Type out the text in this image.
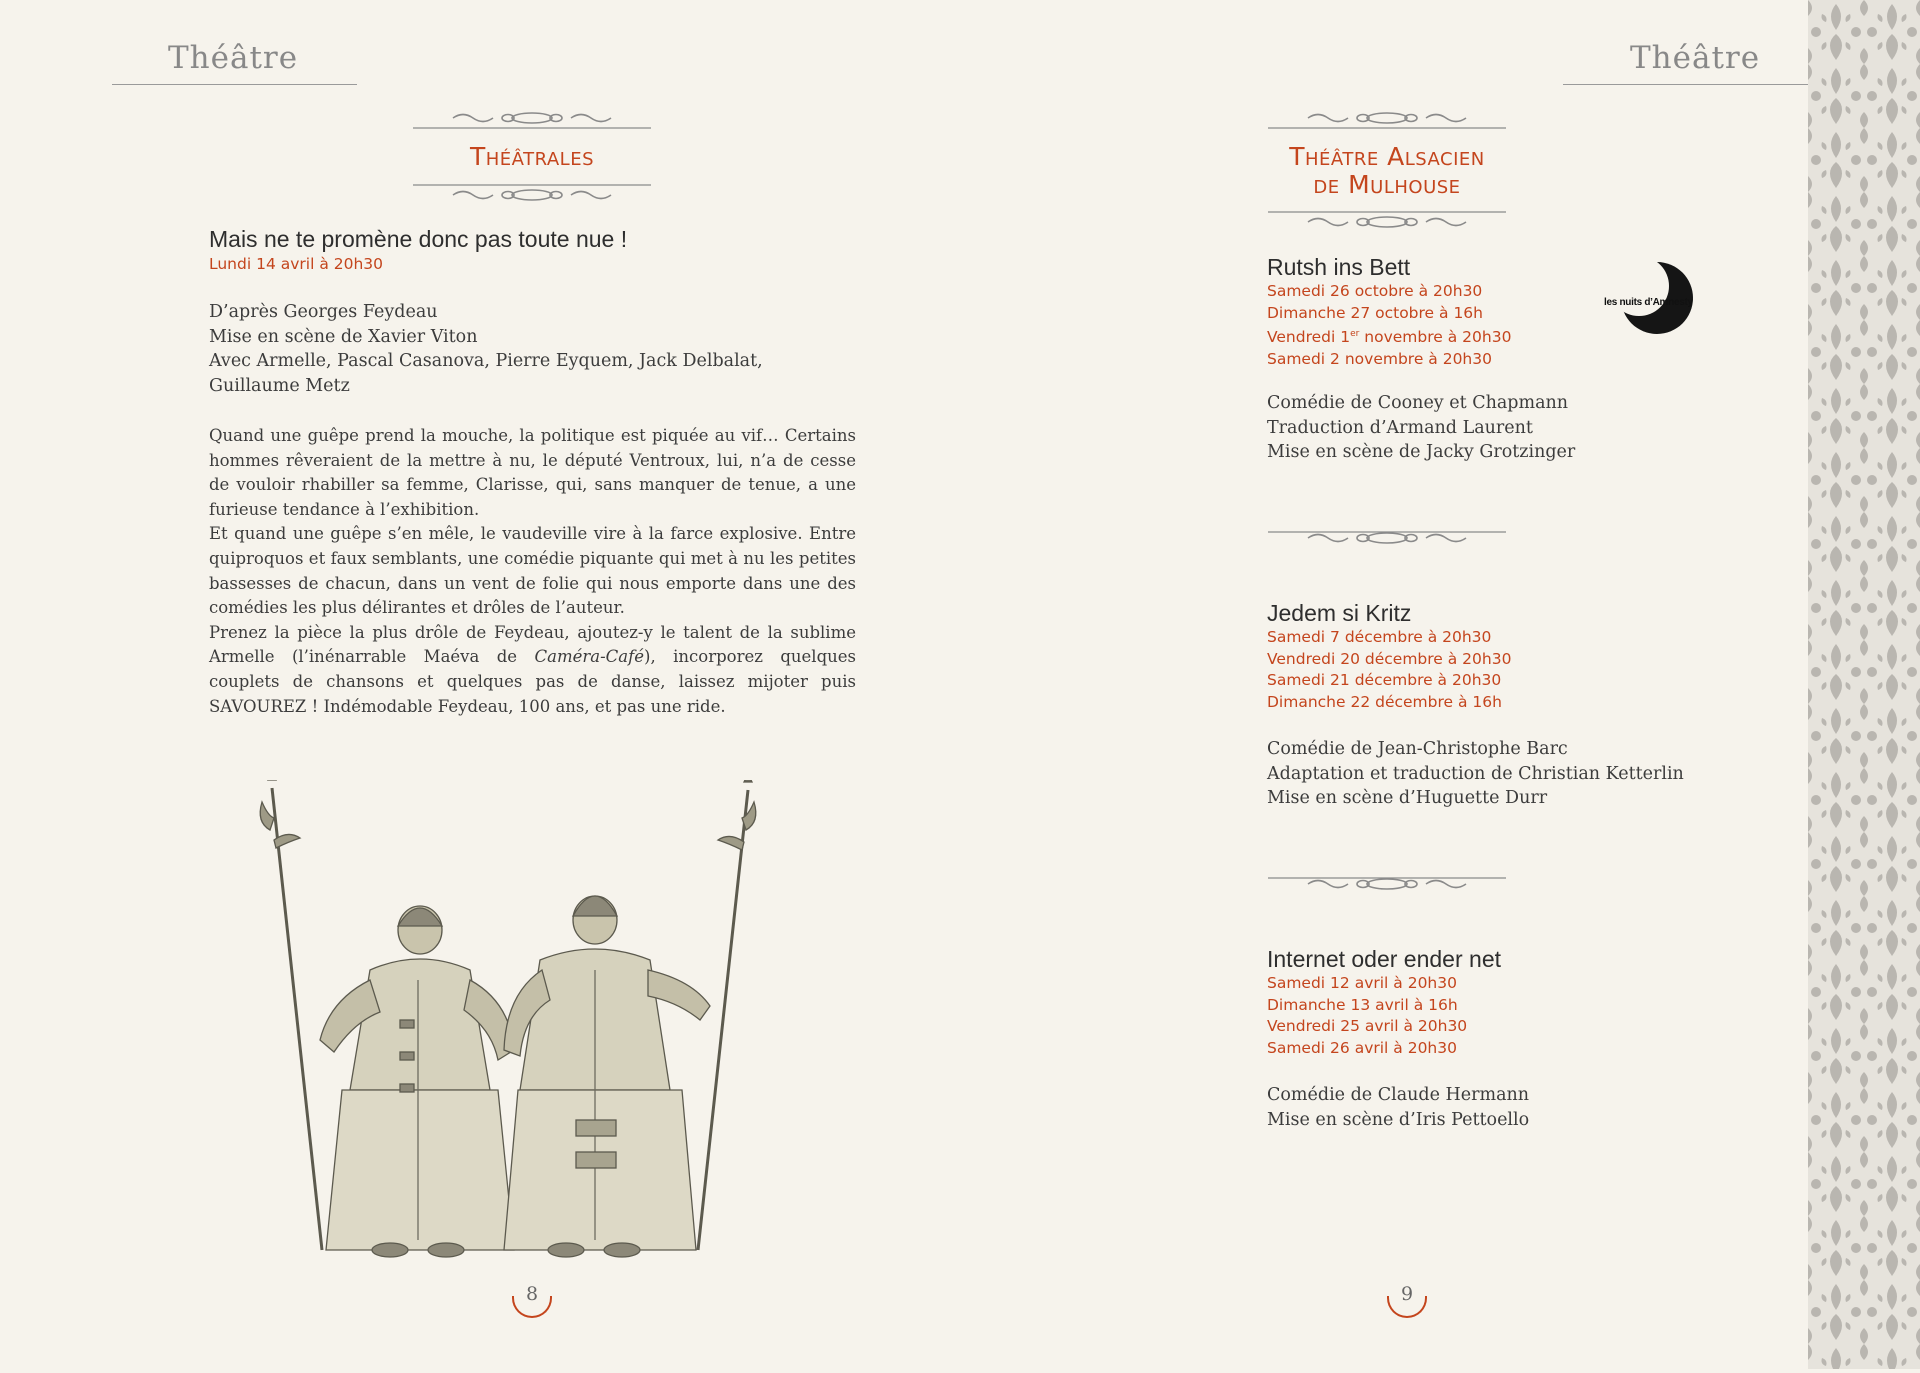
Théâtre
Théâtrales
Mais ne te promène donc pas toute nue !
Lundi 14 avril à 20h30
D’après Georges Feydeau
Mise en scène de Xavier Viton
Avec Armelle, Pascal Casanova, Pierre Eyquem, Jack Delbalat,
Guillaume Metz

Quand une guêpe prend la mouche, la politique est piquée au vif… Certains hommes rêveraient de la mettre à nu, le député Ventroux, lui, n’a de cesse de vouloir rhabiller sa femme, Clarisse, qui, sans manquer de tenue, a une furieuse tendance à l’exhibition.

Et quand une guêpe s’en mêle, le vaudeville vire à la farce explosive. Entre quiproquos et faux semblants, une comédie piquante qui met à nu les petites bassesses de chacun, dans un vent de folie qui nous emporte dans une des comédies les plus délirantes et drôles de l’auteur.

Prenez la pièce la plus drôle de Feydeau, ajoutez-y le talent de la sublime Armelle (l’inénarrable Maéva de Caméra-Café), incorporez quelques couplets de chansons et quelques pas de danse, laissez mijoter puis SAVOUREZ ! Indémodable Feydeau, 100 ans, et pas une ride.

8
Théâtre
Théâtre Alsacien
de Mulhouse
Rutsh ins Bett
Samedi 26 octobre à 20h30
Dimanche 27 octobre à 16h
Vendredi 1er novembre à 20h30
Samedi 2 novembre à 20h30
les nuits d’Amnesty
Comédie de Cooney et Chapmann
Traduction d’Armand Laurent
Mise en scène de Jacky Grotzinger
Jedem si Kritz
Samedi 7 décembre à 20h30
Vendredi 20 décembre à 20h30
Samedi 21 décembre à 20h30
Dimanche 22 décembre à 16h
Comédie de Jean-Christophe Barc
Adaptation et traduction de Christian Ketterlin
Mise en scène d’Huguette Durr
Internet oder ender net
Samedi 12 avril à 20h30
Dimanche 13 avril à 16h
Vendredi 25 avril à 20h30
Samedi 26 avril à 20h30
Comédie de Claude Hermann
Mise en scène d’Iris Pettoello
9
